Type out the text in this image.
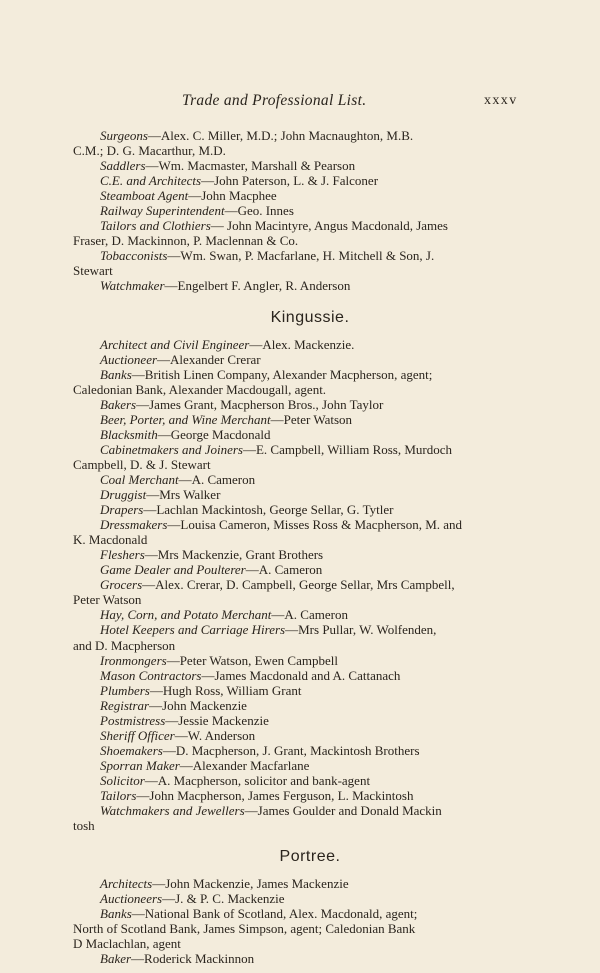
Trade and Professional List.	xxxv
Surgeons—Alex. C. Miller, M.D.; John Macnaughton, M.B.
C.M.; D. G. Macarthur, M.D.
Saddlers—Wm. Macmaster, Marshall & Pearson
C.E. and Architects—John Paterson, L. & J. Falconer
Steamboat Agent—John Macphee
Railway Superintendent—Geo. Innes
Tailors and Clothiers— John Macintyre, Angus Macdonald, James
Fraser, D. Mackinnon, P. Maclennan & Co.
Tobacconists—Wm. Swan, P. Macfarlane, H. Mitchell & Son, J.
Stewart
Watchmaker—Engelbert F. Angler, R. Anderson
Kingussie.
Architect and Civil Engineer—Alex. Mackenzie.
Auctioneer—Alexander Crerar
Banks—British Linen Company, Alexander Macpherson, agent;
Caledonian Bank, Alexander Macdougall, agent.
Bakers—James Grant, Macpherson Bros., John Taylor
Beer, Porter, and Wine Merchant—Peter Watson
Blacksmith—George Macdonald
Cabinetmakers and Joiners—E. Campbell, William Ross, Murdoch
Campbell, D. & J. Stewart
Coal Merchant—A. Cameron
Druggist—Mrs Walker
Drapers—Lachlan Mackintosh, George Sellar, G. Tytler
Dressmakers—Louisa Cameron, Misses Ross & Macpherson, M. and
K. Macdonald
Fleshers—Mrs Mackenzie, Grant Brothers
Game Dealer and Poulterer—A. Cameron
Grocers—Alex. Crerar, D. Campbell, George Sellar, Mrs Campbell,
Peter Watson
Hay, Corn, and Potato Merchant—A. Cameron
Hotel Keepers and Carriage Hirers—Mrs Pullar, W. Wolfenden,
and D. Macpherson
Ironmongers—Peter Watson, Ewen Campbell
Mason Contractors—James Macdonald and A. Cattanach
Plumbers—Hugh Ross, William Grant
Registrar—John Mackenzie
Postmistress—Jessie Mackenzie
Sheriff Officer—W. Anderson
Shoemakers—D. Macpherson, J. Grant, Mackintosh Brothers
Sporran Maker—Alexander Macfarlane
Solicitor—A. Macpherson, solicitor and bank-agent
Tailors—John Macpherson, James Ferguson, L. Mackintosh
Watchmakers and Jewellers—James Goulder and Donald Mackin
tosh
Portree.
Architects—John Mackenzie, James Mackenzie
Auctioneers—J. & P. C. Mackenzie
Banks—National Bank of Scotland, Alex. Macdonald, agent;
North of Scotland Bank, James Simpson, agent; Caledonian Bank
D Maclachlan, agent
Baker—Roderick Mackinnon
